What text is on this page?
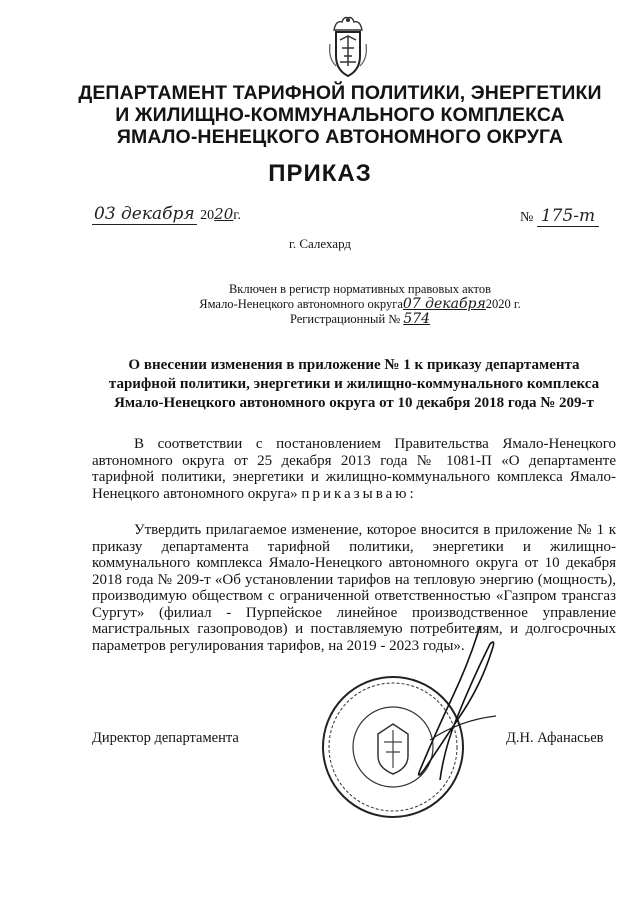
ДЕПАРТАМЕНТ ТАРИФНОЙ ПОЛИТИКИ, ЭНЕРГЕТИКИ
И ЖИЛИЩНО-КОММУНАЛЬНОГО КОМПЛЕКСА
ЯМАЛО-НЕНЕЦКОГО АВТОНОМНОГО ОКРУГА
ПРИКАЗ
03 декабря 2020г.	№ 175-т
г. Салехард
Включен в регистр нормативных правовых актов
Ямало-Ненецкого автономного округа07 декабря2020 г.
Регистрационный № 574
О внесении изменения в приложение № 1 к приказу департамента
тарифной политики, энергетики и жилищно-коммунального комплекса
Ямало-Ненецкого автономного округа от 10 декабря 2018 года № 209-т
В соответствии с постановлением Правительства Ямало-Ненецкого автономного округа от 25 декабря 2013 года № 1081-П «О департаменте тарифной политики, энергетики и жилищно-коммунального комплекса Ямало-Ненецкого автономного округа» приказываю:
Утвердить прилагаемое изменение, которое вносится в приложение № 1 к приказу департамента тарифной политики, энергетики и жилищно-коммунального комплекса Ямало-Ненецкого автономного округа от 10 декабря 2018 года № 209-т «Об установлении тарифов на тепловую энергию (мощность), производимую обществом с ограниченной ответственностью «Газпром трансгаз Сургут» (филиал - Пурпейское линейное производственное управление магистральных газопроводов) и поставляемую потребителям, и долгосрочных параметров регулирования тарифов, на 2019 - 2023 годы».
Директор департамента	Д.Н. Афанасьев
